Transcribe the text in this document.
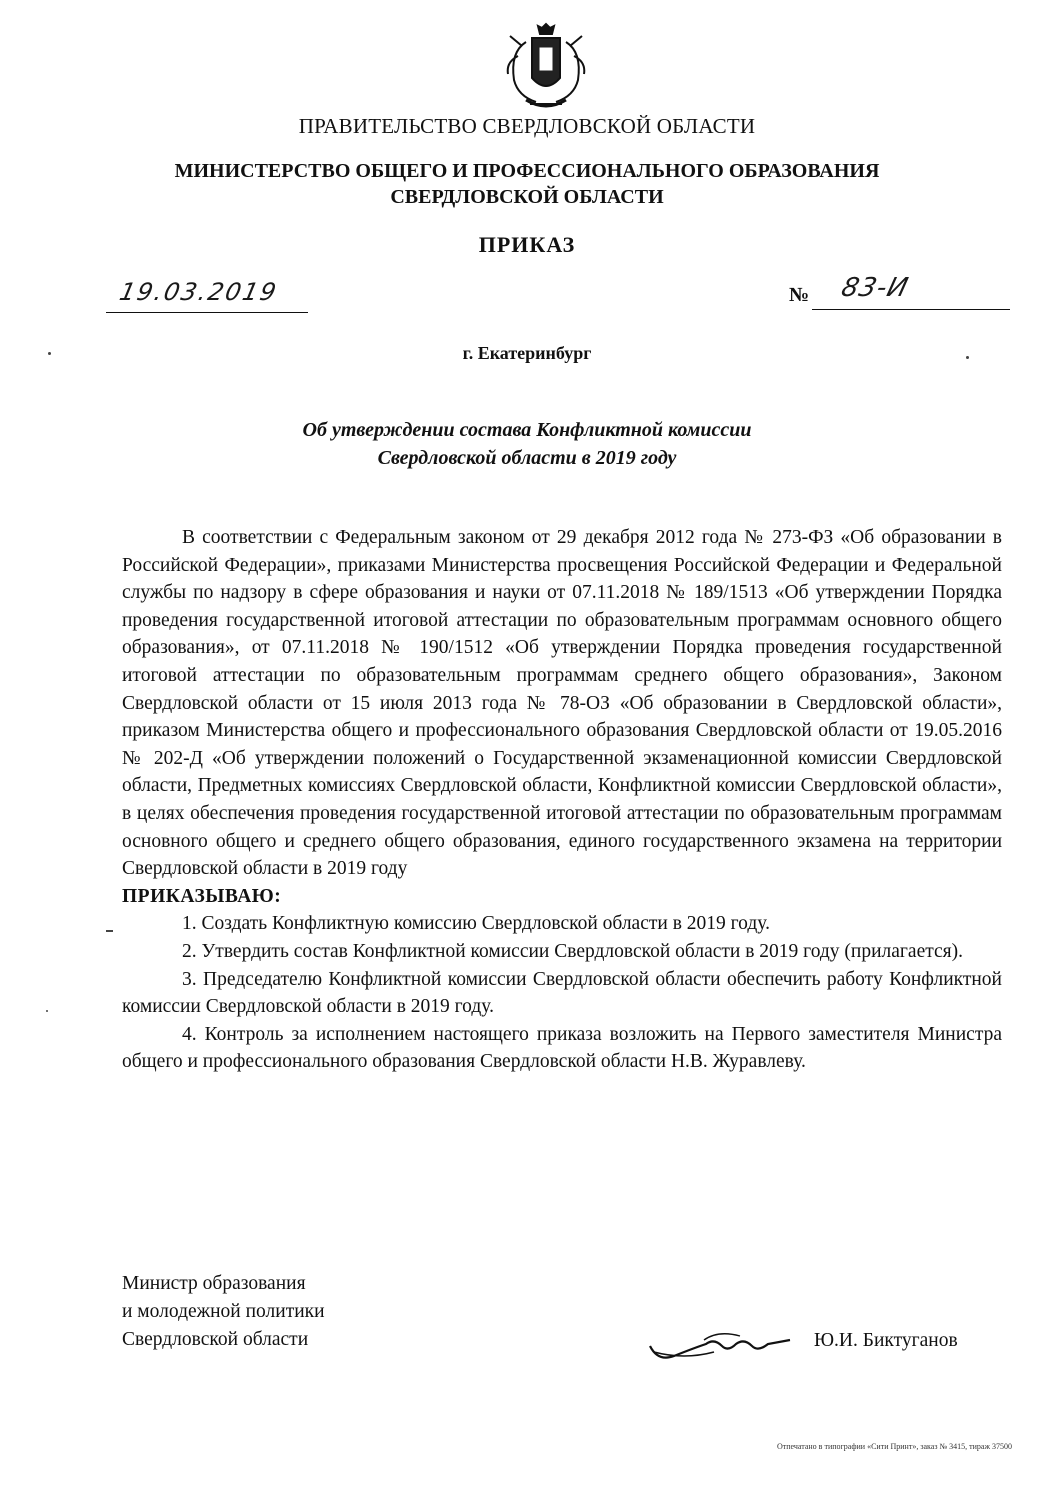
ПРАВИТЕЛЬСТВО СВЕРДЛОВСКОЙ ОБЛАСТИ
МИНИСТЕРСТВО ОБЩЕГО И ПРОФЕССИОНАЛЬНОГО ОБРАЗОВАНИЯ
СВЕРДЛОВСКОЙ ОБЛАСТИ
ПРИКАЗ
19.03.2019	№ 83-И
г. Екатеринбург
Об утверждении состава Конфликтной комиссии
Свердловской области в 2019 году

В соответствии с Федеральным законом от 29 декабря 2012 года № 273-ФЗ «Об образовании в Российской Федерации», приказами Министерства просвещения Российской Федерации и Федеральной службы по надзору в сфере образования и науки от 07.11.2018 № 189/1513 «Об утверждении Порядка проведения государственной итоговой аттестации по образовательным программам основного общего образования», от 07.11.2018 № 190/1512 «Об утверждении Порядка проведения государственной итоговой аттестации по образовательным программам среднего общего образования», Законом Свердловской области от 15 июля 2013 года № 78-ОЗ «Об образовании в Свердловской области», приказом Министерства общего и профессионального образования Свердловской области от 19.05.2016 № 202-Д «Об утверждении положений о Государственной экзаменационной комиссии Свердловской области, Предметных комиссиях Свердловской области, Конфликтной комиссии Свердловской области», в целях обеспечения проведения государственной итоговой аттестации по образовательным программам основного общего и среднего общего образования, единого государственного экзамена на территории Свердловской области в 2019 году

ПРИКАЗЫВАЮ:

1. Создать Конфликтную комиссию Свердловской области в 2019 году.

2. Утвердить состав Конфликтной комиссии Свердловской области в 2019 году (прилагается).

3. Председателю Конфликтной комиссии Свердловской области обеспечить работу Конфликтной комиссии Свердловской области в 2019 году.

4. Контроль за исполнением настоящего приказа возложить на Первого заместителя Министра общего и профессионального образования Свердловской области Н.В. Журавлеву.

Министр образования
и молодежной политики
Свердловской области	Ю.И. Биктуганов
Отпечатано в типографии «Сити Принт», заказ № 3415, тираж 37500
